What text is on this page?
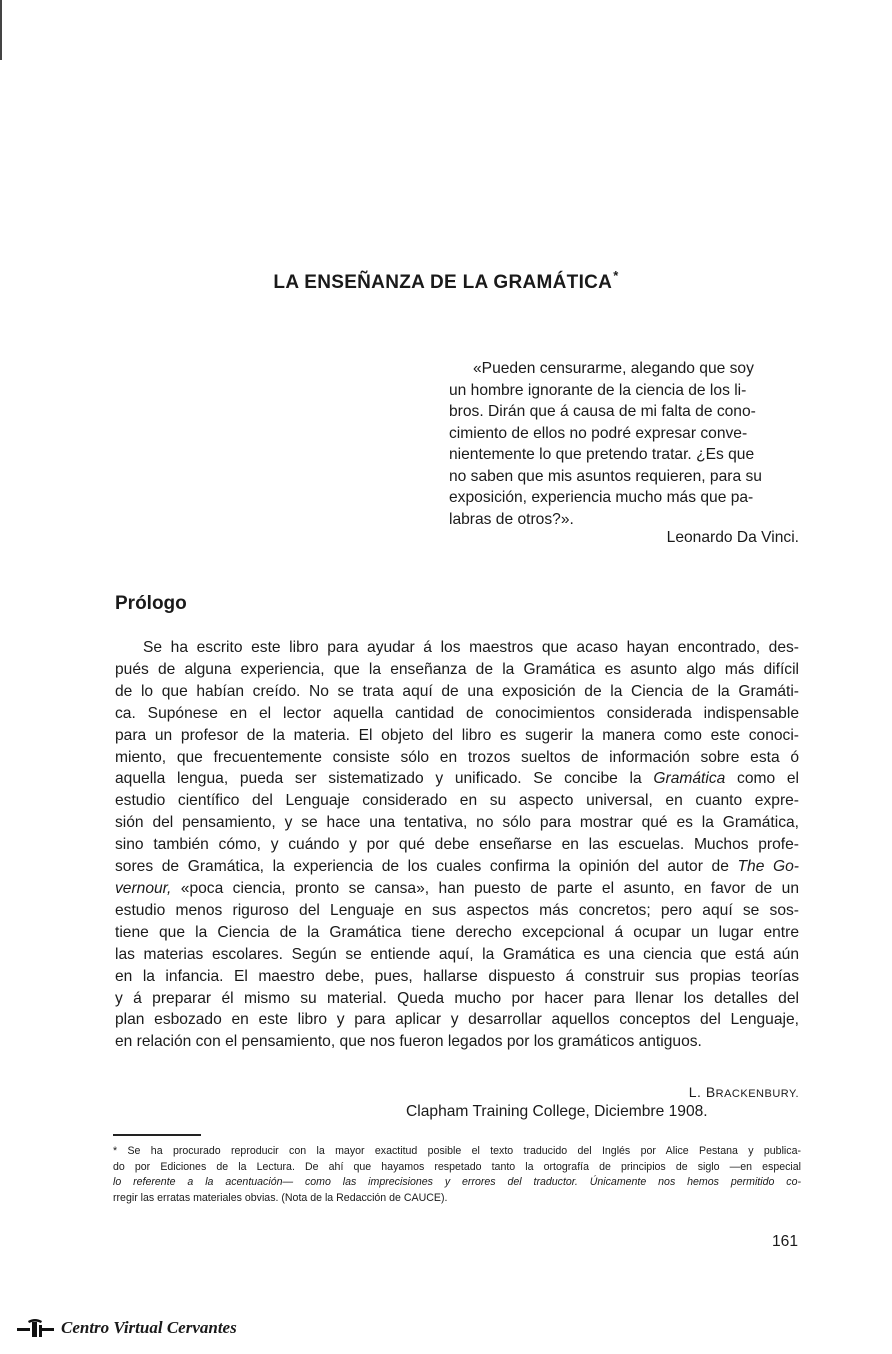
LA ENSEÑANZA DE LA GRAMÁTICA*
«Pueden censurarme, alegando que soy
un hombre ignorante de la ciencia de los li-
bros. Dirán que á causa de mi falta de cono-
cimiento de ellos no podré expresar conve-
nientemente lo que pretendo tratar. ¿Es que
no saben que mis asuntos requieren, para su
exposición, experiencia mucho más que pa-
labras de otros?».
Leonardo Da Vinci.
Prólogo
Se ha escrito este libro para ayudar á los maestros que acaso hayan encontrado, des-
pués de alguna experiencia, que la enseñanza de la Gramática es asunto algo más difícil
de lo que habían creído. No se trata aquí de una exposición de la Ciencia de la Gramáti-
ca. Supónese en el lector aquella cantidad de conocimientos considerada indispensable
para un profesor de la materia. El objeto del libro es sugerir la manera como este conoci-
miento, que frecuentemente consiste sólo en trozos sueltos de información sobre esta ó
aquella lengua, pueda ser sistematizado y unificado. Se concibe la Gramática como el
estudio científico del Lenguaje considerado en su aspecto universal, en cuanto expre-
sión del pensamiento, y se hace una tentativa, no sólo para mostrar qué es la Gramática,
sino también cómo, y cuándo y por qué debe enseñarse en las escuelas. Muchos profe-
sores de Gramática, la experiencia de los cuales confirma la opinión del autor de The Go-
vernour, «poca ciencia, pronto se cansa», han puesto de parte el asunto, en favor de un
estudio menos riguroso del Lenguaje en sus aspectos más concretos; pero aquí se sos-
tiene que la Ciencia de la Gramática tiene derecho excepcional á ocupar un lugar entre
las materias escolares. Según se entiende aquí, la Gramática es una ciencia que está aún
en la infancia. El maestro debe, pues, hallarse dispuesto á construir sus propias teorías
y á preparar él mismo su material. Queda mucho por hacer para llenar los detalles del
plan esbozado en este libro y para aplicar y desarrollar aquellos conceptos del Lenguaje,
en relación con el pensamiento, que nos fueron legados por los gramáticos antiguos.
L. BRACKENBURY.
Clapham Training College, Diciembre 1908.
* Se ha procurado reproducir con la mayor exactitud posible el texto traducido del Inglés por Alice Pestana y publica-
do por Ediciones de la Lectura. De ahí que hayamos respetado tanto la ortografía de principios de siglo —en especial
lo referente a la acentuación— como las imprecisiones y errores del traductor. Únicamente nos hemos permitido co-
rregir las erratas materiales obvias. (Nota de la Redacción de CAUCE).
161
Centro Virtual Cervantes
